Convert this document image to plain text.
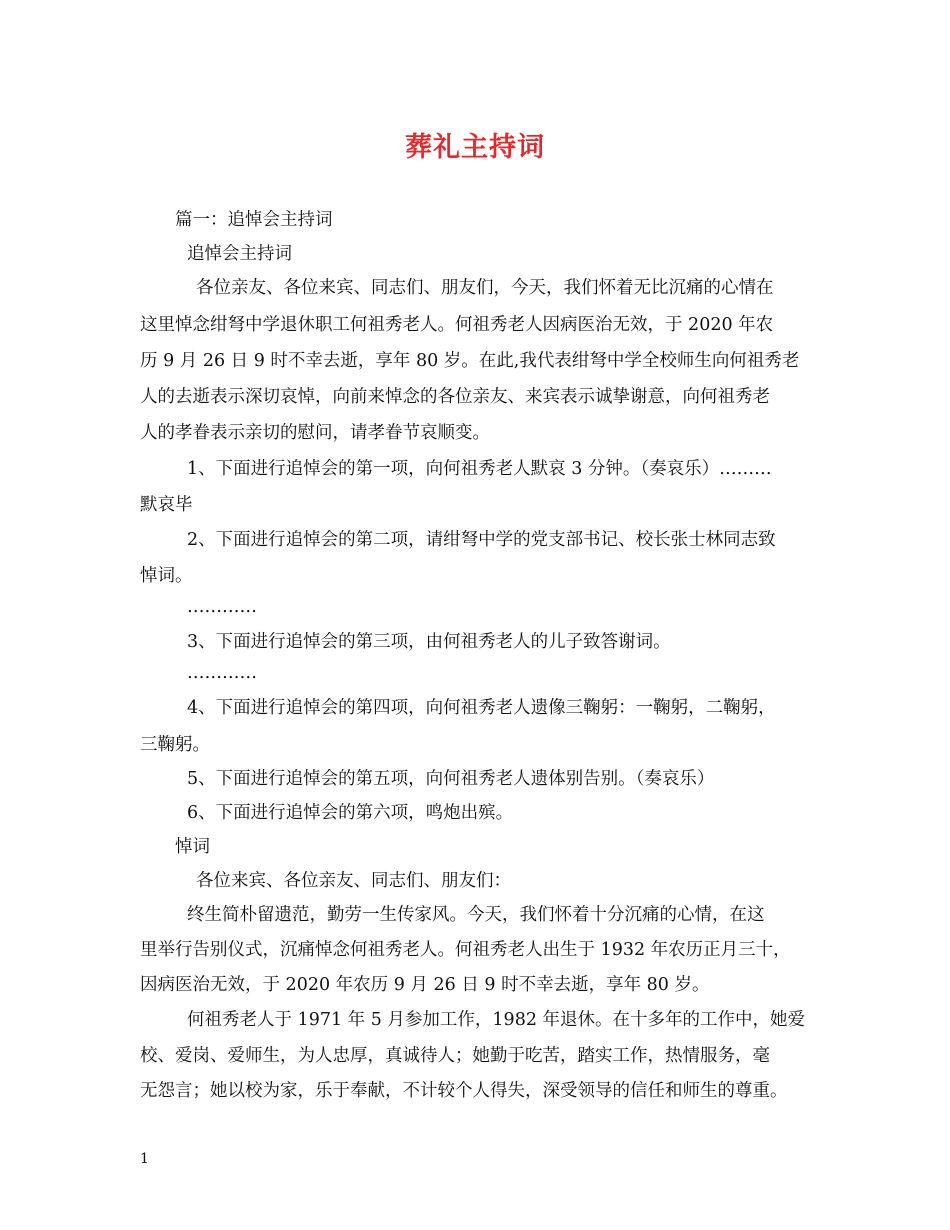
葬礼主持词
篇一：追悼会主持词
追悼会主持词
各位亲友、各位来宾、同志们、朋友们，今天，我们怀着无比沉痛的心情在
这里悼念绀弩中学退休职工何祖秀老人。何祖秀老人因病医治无效，于 2020 年农
历 9 月 26 日 9 时不幸去逝，享年 80 岁。在此,我代表绀弩中学全校师生向何祖秀老
人的去逝表示深切哀悼，向前来悼念的各位亲友、来宾表示诚挚谢意，向何祖秀老
人的孝眷表示亲切的慰问，请孝眷节哀顺变。
1、下面进行追悼会的第一项，向何祖秀老人默哀 3 分钟。（奏哀乐）………
默哀毕
2、下面进行追悼会的第二项，请绀弩中学的党支部书记、校长张士林同志致
悼词。
…………
3、下面进行追悼会的第三项，由何祖秀老人的儿子致答谢词。
…………
4、下面进行追悼会的第四项，向何祖秀老人遗像三鞠躬：一鞠躬，二鞠躬，
三鞠躬。
5、下面进行追悼会的第五项，向何祖秀老人遗体别告别。（奏哀乐）
6、下面进行追悼会的第六项，鸣炮出殡。
悼词
各位来宾、各位亲友、同志们、朋友们：
终生简朴留遗范，勤劳一生传家风。今天，我们怀着十分沉痛的心情，在这
里举行告别仪式，沉痛悼念何祖秀老人。何祖秀老人出生于 1932 年农历正月三十，
因病医治无效，于 2020 年农历 9 月 26 日 9 时不幸去逝，享年 80 岁。
何祖秀老人于 1971 年 5 月参加工作，1982 年退休。在十多年的工作中，她爱
校、爱岗、爱师生，为人忠厚，真诚待人；她勤于吃苦，踏实工作，热情服务，毫
无怨言；她以校为家，乐于奉献，不计较个人得失，深受领导的信任和师生的尊重。
1
